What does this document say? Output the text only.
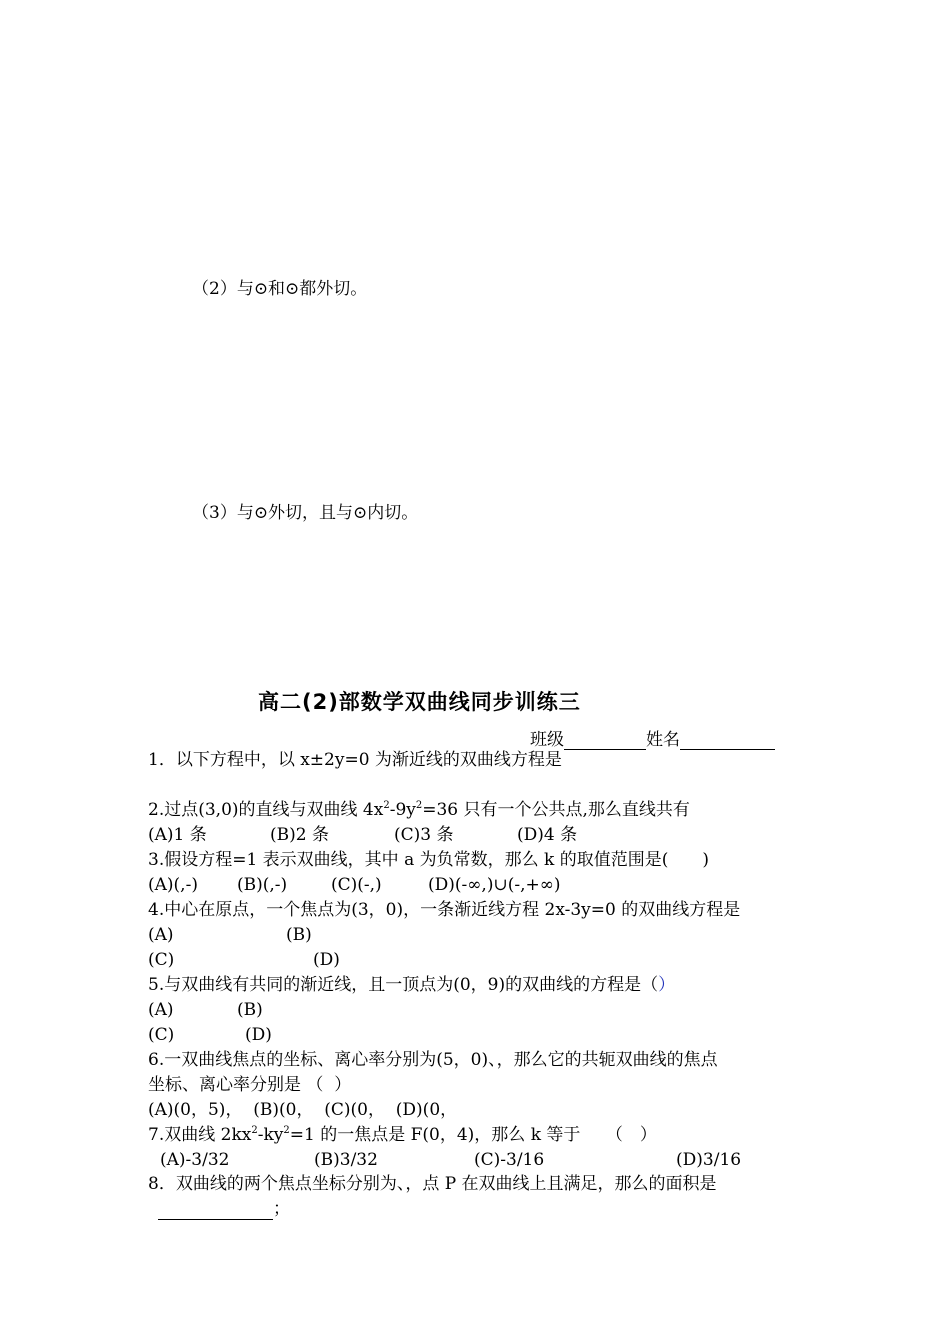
（2）与⊙和⊙都外切。
（3）与⊙外切，且与⊙内切。
高二(2)部数学双曲线同步训练三
班级	姓名
1．以下方程中，以 x±2y=0 为渐近线的双曲线方程是
2.过点(3,0)的直线与双曲线 $4x^2-9y^2=36$ 只有一个公共点,那么直线共有
(A)1 条	(B)2 条	(C)3 条	(D)4 条
3.假设方程=1 表示双曲线，其中 a 为负常数，那么 k 的取值范围是(　　)
(A)(,-) (B)(,-)	(C)(-,)	(D)(-∞,)∪(-,+∞)
4.中心在原点，一个焦点为(3，0)，一条渐近线方程 2x-3y=0 的双曲线方程是
(A)	(B)
(C)	(D)
5.与双曲线有共同的渐近线，且一顶点为(0，9)的双曲线的方程是（）
(A)	(B)
(C)	(D)
6.一双曲线焦点的坐标、离心率分别为(5，0)、，那么它的共轭双曲线的焦点
坐标、离心率分别是 （  ）
(A)(0，5)，  (B)(0，  (C)(0，  (D)(0，
7.双曲线 $2kx^2-ky^2=1$ 的一焦点是 F(0，4)，那么 k 等于　　（　）
(A)-3/32	(B)3/32	(C)-3/16	(D)3/16
8．双曲线的两个焦点坐标分别为、，点 P 在双曲线上且满足，那么的面积是
；
